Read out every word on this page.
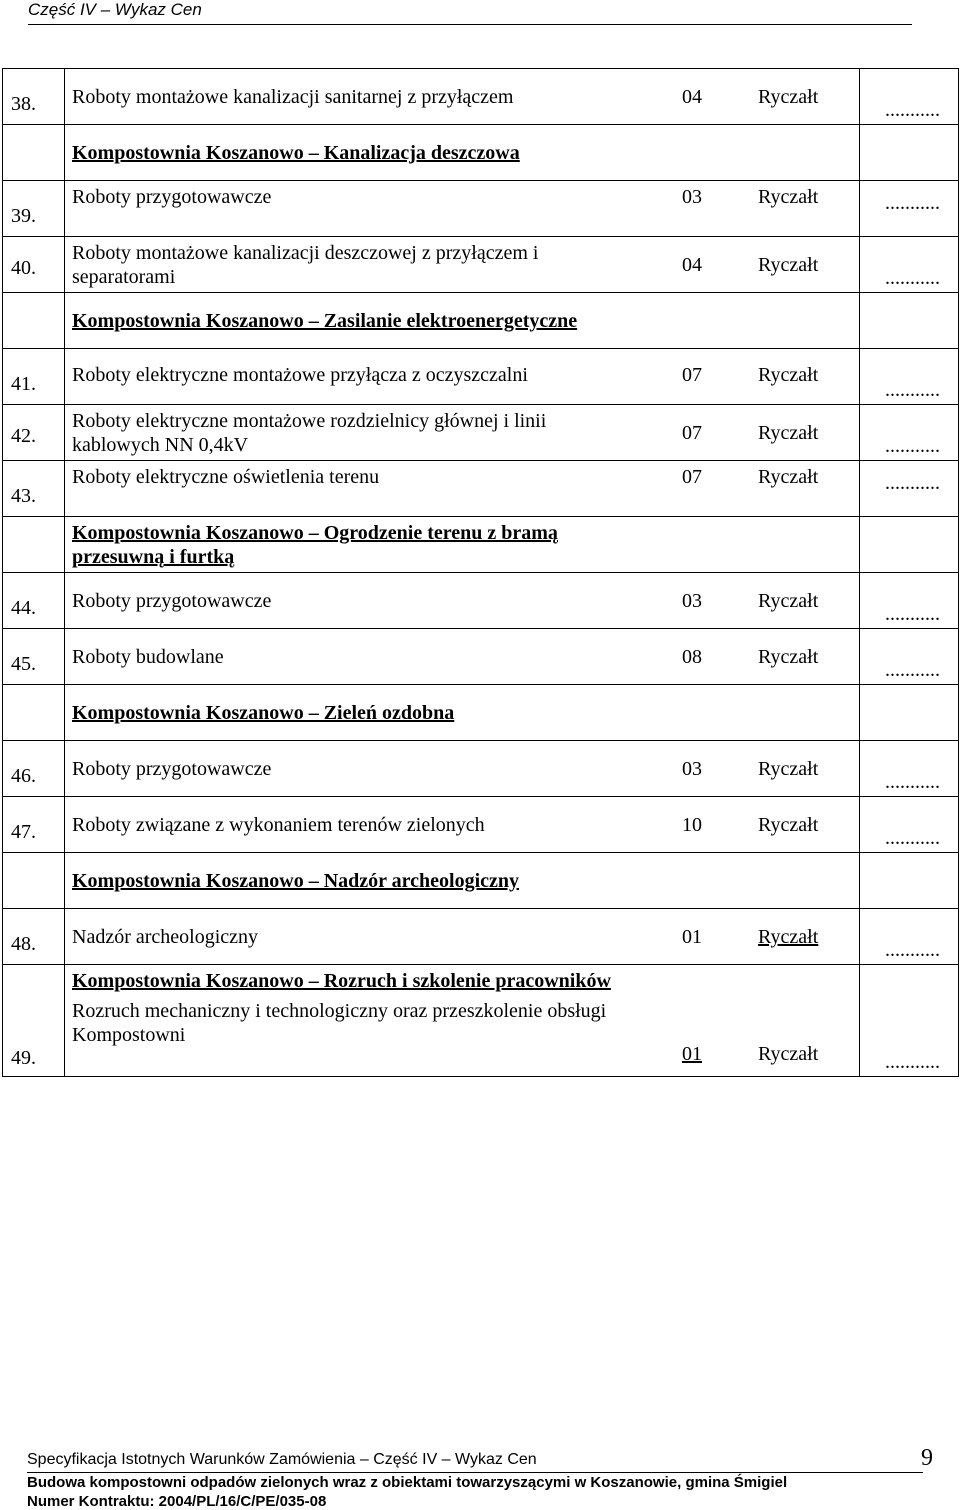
Część IV – Wykaz Cen
38.	Roboty montażowe kanalizacji sanitarnej z przyłączem 04 Ryczałt	...........

	Kompostownia Koszanowo – Kanalizacja deszczowa	

39.	Roboty przygotowawcze 03 Ryczałt	...........

40.	Roboty montażowe kanalizacji deszczowej z przyłączem i separatorami
04 Ryczałt	...........

	Kompostownia Koszanowo – Zasilanie elektroenergetyczne	

41.	Roboty elektryczne montażowe przyłącza z oczyszczalni 07 Ryczałt	...........

42.	Roboty elektryczne montażowe rozdzielnicy głównej i linii kablowych NN 0,4kV
07 Ryczałt	...........

43.	Roboty elektryczne oświetlenia terenu 07 Ryczałt	...........

	Kompostownia Koszanowo – Ogrodzenie terenu z bramą przesuwną i furtką	

44.	Roboty przygotowawcze 03 Ryczałt	...........

45.	Roboty budowlane 08 Ryczałt	...........

	Kompostownia Koszanowo – Zieleń ozdobna	

46.	Roboty przygotowawcze 03 Ryczałt	...........

47.	Roboty związane z wykonaniem terenów zielonych 10 Ryczałt	...........

	Kompostownia Koszanowo – Nadzór archeologiczny	

48.	Nadzór archeologiczny 01 Ryczałt	...........

49.	Kompostownia Koszanowo – Rozruch i szkolenie pracowników
Rozruch mechaniczny i technologiczny oraz przeszkolenie obsługi Kompostowni
01 Ryczałt	...........
Specyfikacja Istotnych Warunków Zamówienia – Część IV – Wykaz Cen	9
Budowa kompostowni odpadów zielonych wraz z obiektami towarzyszącymi w Koszanowie, gmina Śmigiel
Numer Kontraktu: 2004/PL/16/C/PE/035-08
